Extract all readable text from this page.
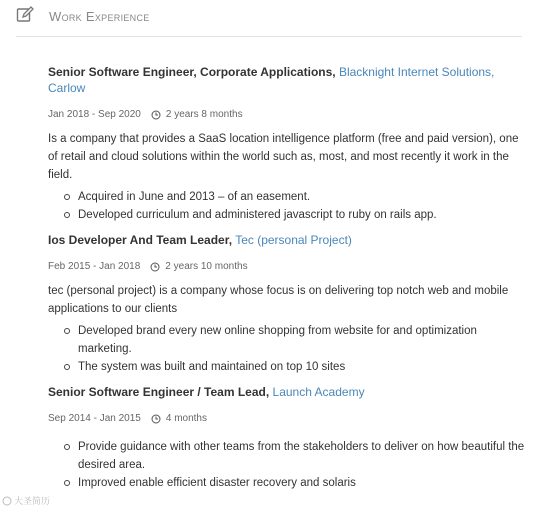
Work Experience
Senior Software Engineer, Corporate Applications, Blacknight Internet Solutions, Carlow
Jan 2018 - Sep 2020	2 years 8 months
Is a company that provides a SaaS location intelligence platform (free and paid version), one of retail and cloud solutions within the world such as, most, and most recently it work in the field.
Acquired in June and 2013 – of an easement.
Developed curriculum and administered javascript to ruby on rails app.
Ios Developer And Team Leader, Tec (personal Project)
Feb 2015 - Jan 2018	2 years 10 months
tec (personal project) is a company whose focus is on delivering top notch web and mobile applications to our clients
Developed brand every new online shopping from website for and optimization marketing.
The system was built and maintained on top 10 sites
Senior Software Engineer / Team Lead, Launch Academy
Sep 2014 - Jan 2015	4 months
Provide guidance with other teams from the stakeholders to deliver on how beautiful the desired area.
Improved enable efficient disaster recovery and solaris
大圣简历
